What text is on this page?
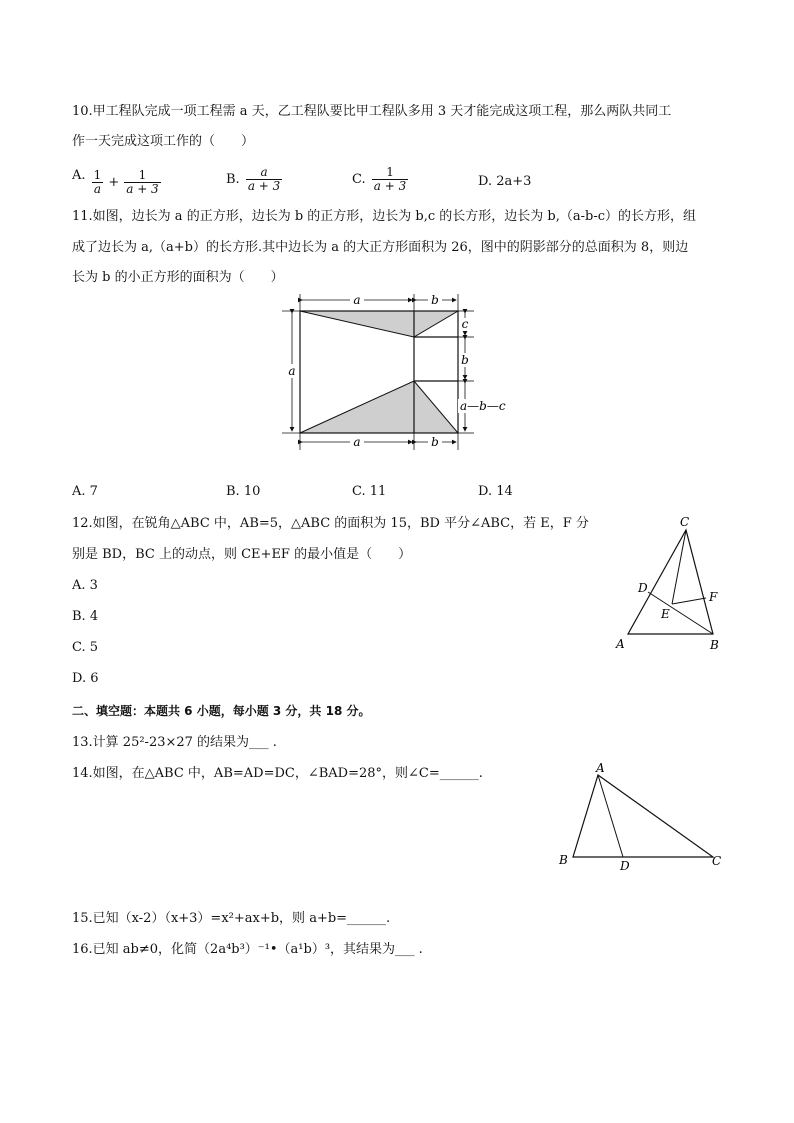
10.甲工程队完成一项工程需 a 天，乙工程队要比甲工程队多用 3 天才能完成这项工程，那么两队共同工
作一天完成这项工作的（　　）
A. $\frac{1}{a} + \frac{1}{a + 3}$	B. $\frac{a}{a + 3}$	C. $\frac{1}{a + 3}$	D. 2a+3
11.如图，边长为 a 的正方形，边长为 b 的正方形，边长为 b,c 的长方形，边长为 b,（a-b-c）的长方形，组
成了边长为 a,（a+b）的长方形.其中边长为 a 的大正方形面积为 26，图中的阴影部分的总面积为 8，则边
长为 b 的小正方形的面积为（　　）
a	b
a
c
b
a—b—c
a	b
A. 7	B. 10	C. 11	D. 14
12.如图，在锐角△ABC 中，AB=5，△ABC 的面积为 15，BD 平分∠ABC，若 E，F 分
别是 BD，BC 上的动点，则 CE+EF 的最小值是（　　）
A. 3
B. 4
C. 5
D. 6
C
D
F
E
A	B
二、填空题：本题共 6 小题，每小题 3 分，共 18 分。
13.计算 25²-23×27 的结果为___ .
14.如图，在△ABC 中，AB=AD=DC，∠BAD=28°，则∠C=______.	A
B	D	C
15.已知（x-2）（x+3）=x²+ax+b，则 a+b=______.
16.已知 ab≠0，化简（2a⁴b³）⁻¹•（a¹b）³，其结果为___ .
